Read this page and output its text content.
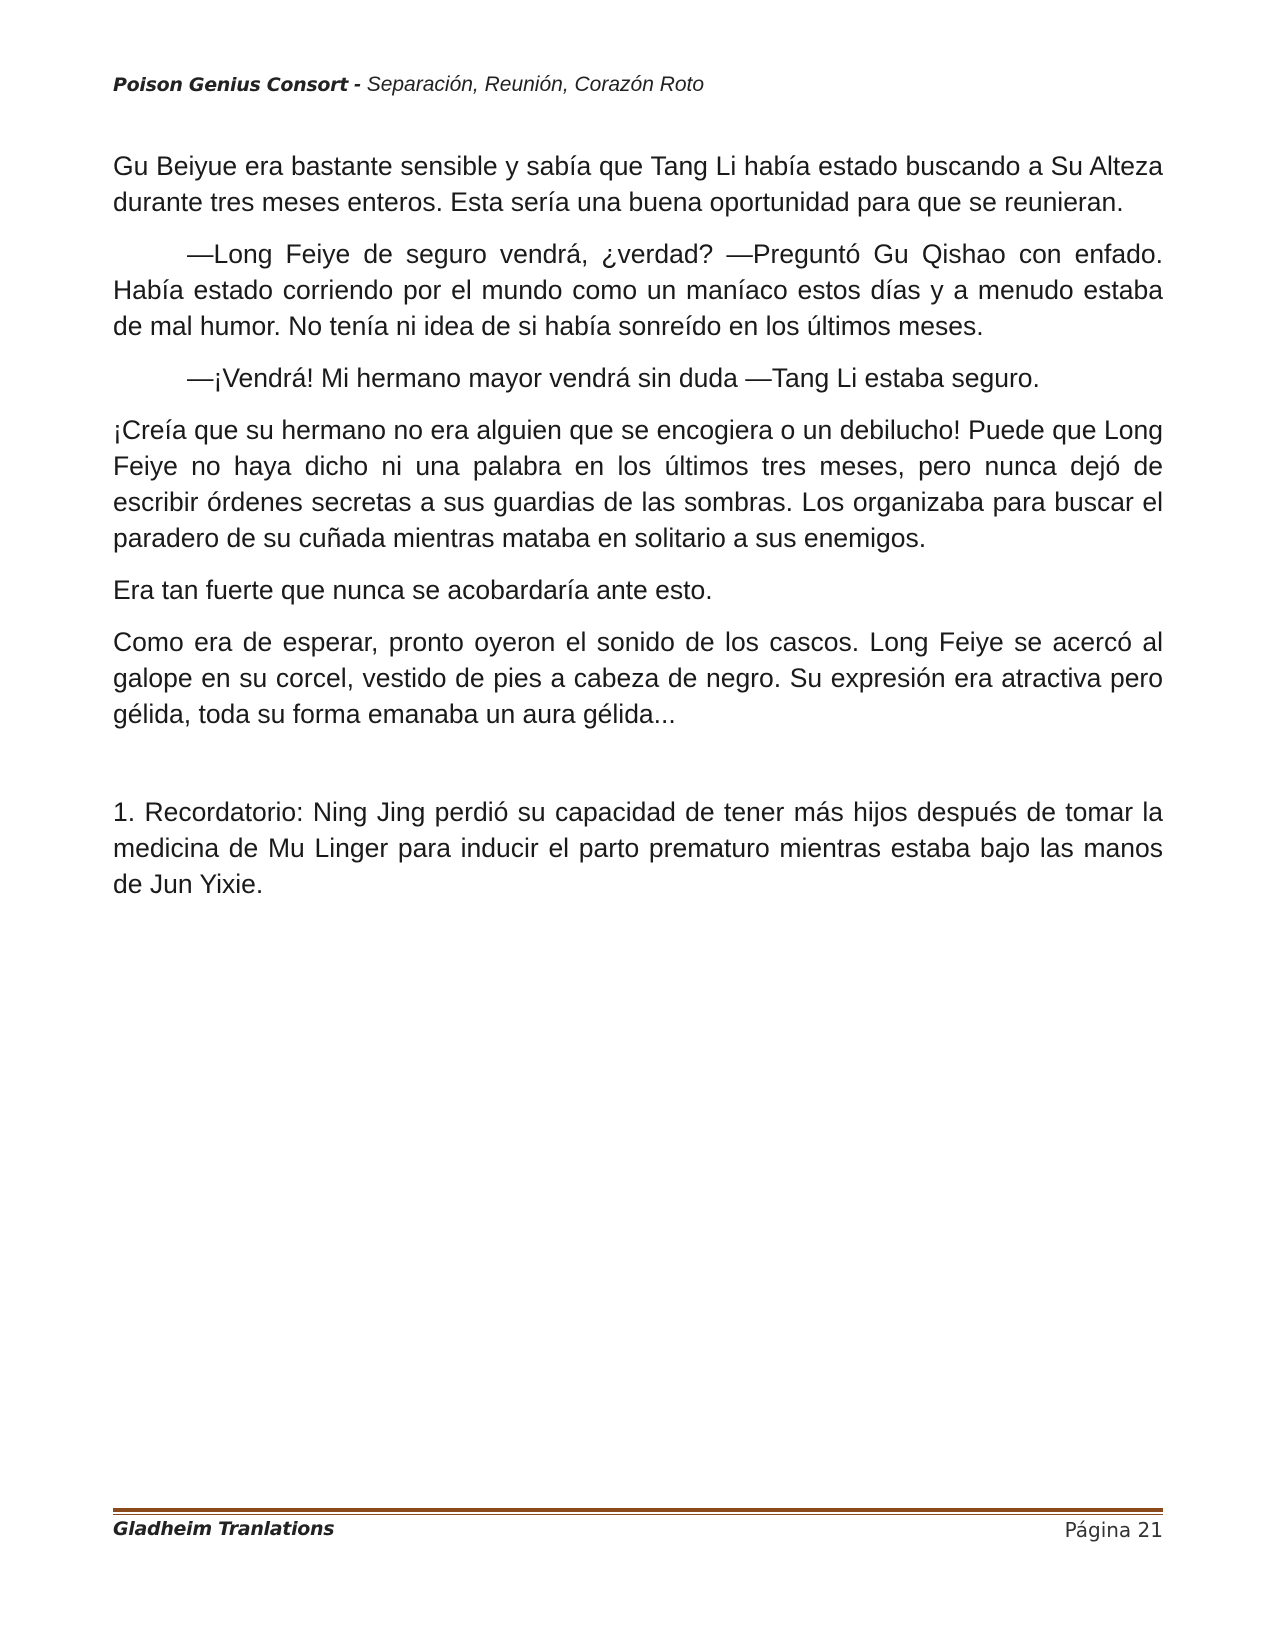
Poison Genius Consort - Separación, Reunión, Corazón Roto

Gu Beiyue era bastante sensible y sabía que Tang Li había estado buscando a Su Alteza durante tres meses enteros. Esta sería una buena oportunidad para que se reunieran.

—Long Feiye de seguro vendrá, ¿verdad? —Preguntó Gu Qishao con enfado. Había estado corriendo por el mundo como un maníaco estos días y a menudo estaba de mal humor. No tenía ni idea de si había sonreído en los últimos meses.

—¡Vendrá! Mi hermano mayor vendrá sin duda —Tang Li estaba seguro.

¡Creía que su hermano no era alguien que se encogiera o un debilucho! Puede que Long Feiye no haya dicho ni una palabra en los últimos tres meses, pero nunca dejó de escribir órdenes secretas a sus guardias de las sombras. Los organizaba para buscar el paradero de su cuñada mientras mataba en solitario a sus enemigos.

Era tan fuerte que nunca se acobardaría ante esto.

Como era de esperar, pronto oyeron el sonido de los cascos. Long Feiye se acercó al galope en su corcel, vestido de pies a cabeza de negro. Su expresión era atractiva pero gélida, toda su forma emanaba un aura gélida...

1. Recordatorio: Ning Jing perdió su capacidad de tener más hijos después de tomar la medicina de Mu Linger para inducir el parto prematuro mientras estaba bajo las manos de Jun Yixie.

Gladheim Tranlations	Página 21
